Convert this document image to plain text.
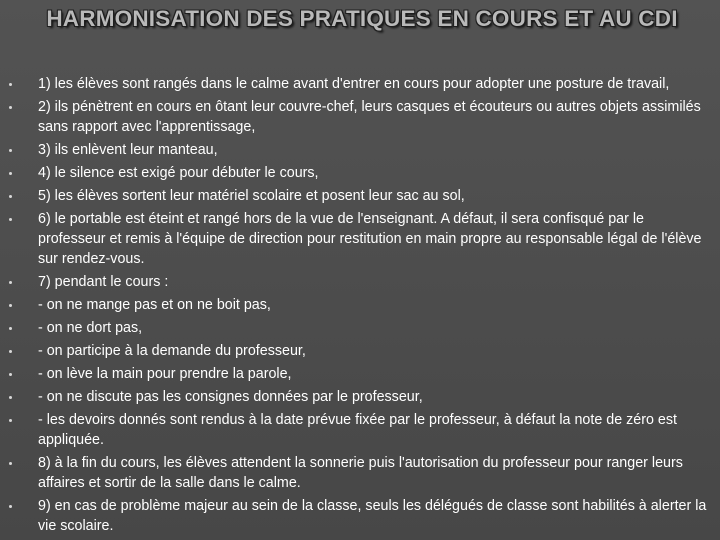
HARMONISATION DES PRATIQUES EN COURS ET AU CDI
1) les élèves sont rangés dans le calme avant d'entrer en cours pour adopter une posture de travail,
2) ils pénètrent en cours en ôtant leur couvre-chef, leurs casques et écouteurs ou autres objets assimilés sans rapport avec l'apprentissage,
3) ils enlèvent leur manteau,
4) le silence est exigé pour débuter le cours,
5) les élèves sortent leur matériel scolaire et posent leur sac au sol,
6) le portable est éteint et rangé hors de la vue de l'enseignant. A défaut, il sera confisqué par le professeur et remis à l'équipe de direction pour restitution en main propre au responsable légal de l'élève sur rendez-vous.
7) pendant le cours :
- on ne mange pas et on ne boit pas,
- on ne dort pas,
- on participe à la demande du professeur,
- on lève la main pour prendre la parole,
- on ne discute pas les consignes données par le professeur,
- les devoirs donnés sont rendus à la date prévue fixée par le professeur, à défaut la note de zéro est appliquée.
8) à la fin du cours, les élèves attendent la sonnerie puis l'autorisation du professeur pour ranger leurs affaires et sortir de la salle dans le calme.
9) en cas de problème majeur au sein de la classe, seuls les délégués de classe sont habilités à alerter la vie scolaire.
